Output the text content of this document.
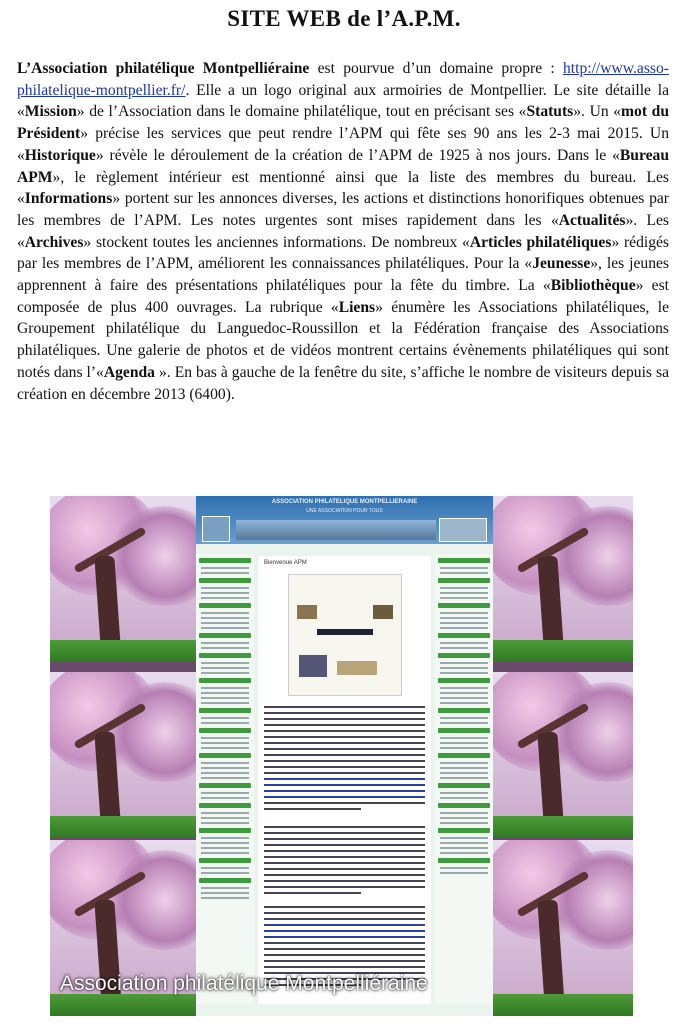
SITE WEB de l’A.P.M.
L’Association philatélique Montpelliéraine est pourvue d’un domaine propre : http://www.asso-philatelique-montpellier.fr/. Elle a un logo original aux armoiries de Montpellier. Le site détaille la «Mission» de l’Association dans le domaine philatélique, tout en précisant ses «Statuts». Un «mot du Président» précise les services que peut rendre l’APM qui fête ses 90 ans les 2-3 mai 2015. Un «Historique» révèle le déroulement de la création de l’APM de 1925 à nos jours. Dans le «Bureau APM», le règlement intérieur est mentionné ainsi que la liste des membres du bureau. Les «Informations» portent sur les annonces diverses, les actions et distinctions honorifiques obtenues par les membres de l’APM. Les notes urgentes sont mises rapidement dans les «Actualités». Les «Archives» stockent toutes les anciennes informations. De nombreux «Articles philatéliques» rédigés par les membres de l’APM, améliorent les connaissances philatéliques. Pour la «Jeunesse», les jeunes apprennent à faire des présentations philatéliques pour la fête du timbre. La «Bibliothèque» est composée de plus 400 ouvrages. La rubrique «Liens» énumère les Associations philatéliques, le Groupement philatélique du Languedoc-Roussillon et la Fédération française des Associations philatéliques. Une galerie de photos et de vidéos montrent certains évènements philatéliques qui sont notés dans l’«Agenda ». En bas à gauche de la fenêtre du site, s’affiche le nombre de visiteurs depuis sa création en décembre 2013 (6400).
ASSOCIATION PHILATELIQUE MONTPELLIERAINE
UNE ASSOCIATION POUR TOUS
Bienvenue APM
Association philatélique Montpelliéraine
